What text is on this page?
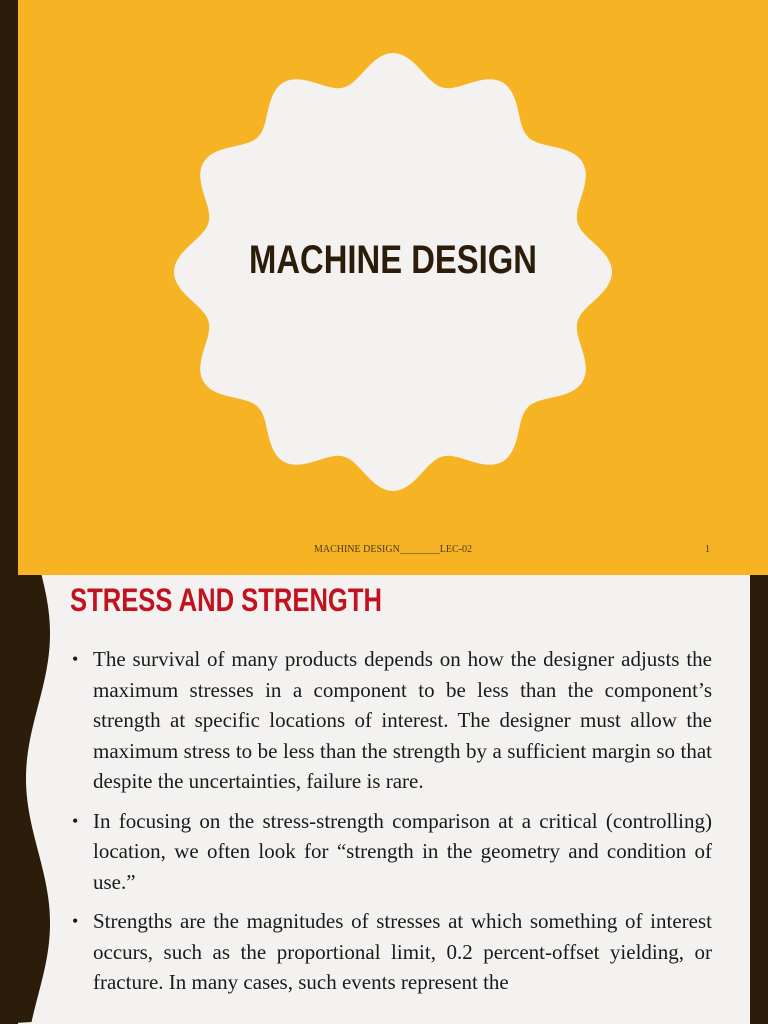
MACHINE DESIGN
MACHINE DESIGN________LEC-02	1
STRESS AND STRENGTH
• The survival of many products depends on how the designer adjusts the maximum stresses in a component to be less than the component’s strength at specific locations of interest. The designer must allow the maximum stress to be less than the strength by a sufficient margin so that despite the uncertainties, failure is rare.
• In focusing on the stress-strength comparison at a critical (controlling) location, we often look for “strength in the geometry and condition of use.”
• Strengths are the magnitudes of stresses at which something of interest occurs, such as the proportional limit, 0.2 percent-offset yielding, or fracture. In many cases, such events represent the
